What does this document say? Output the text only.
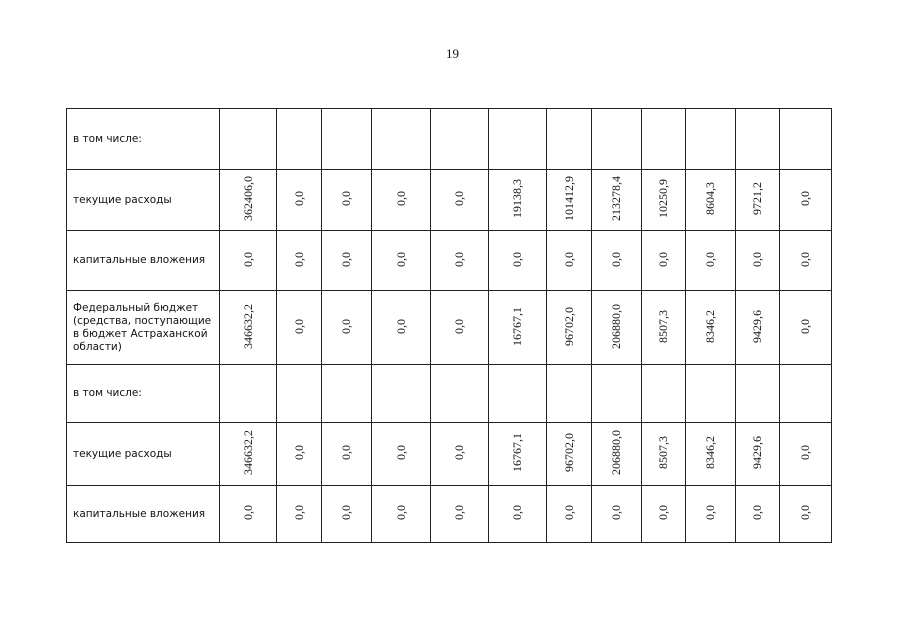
19
в том числе:												
текущие расходы	362406,0	0,0	0,0	0,0	0,0	19138,3	101412,9	213278,4	10250,9	8604,3	9721,2	0,0
капитальные вложения	0,0	0,0	0,0	0,0	0,0	0,0	0,0	0,0	0,0	0,0	0,0	0,0
Федеральный бюджет (средства, поступающие в бюджет Астраханской области)	346632,2	0,0	0,0	0,0	0,0	16767,1	96702,0	206880,0	8507,3	8346,2	9429,6	0,0
в том числе:												
текущие расходы	346632,2	0,0	0,0	0,0	0,0	16767,1	96702,0	206880,0	8507,3	8346,2	9429,6	0,0
капитальные вложения	0,0	0,0	0,0	0,0	0,0	0,0	0,0	0,0	0,0	0,0	0,0	0,0
